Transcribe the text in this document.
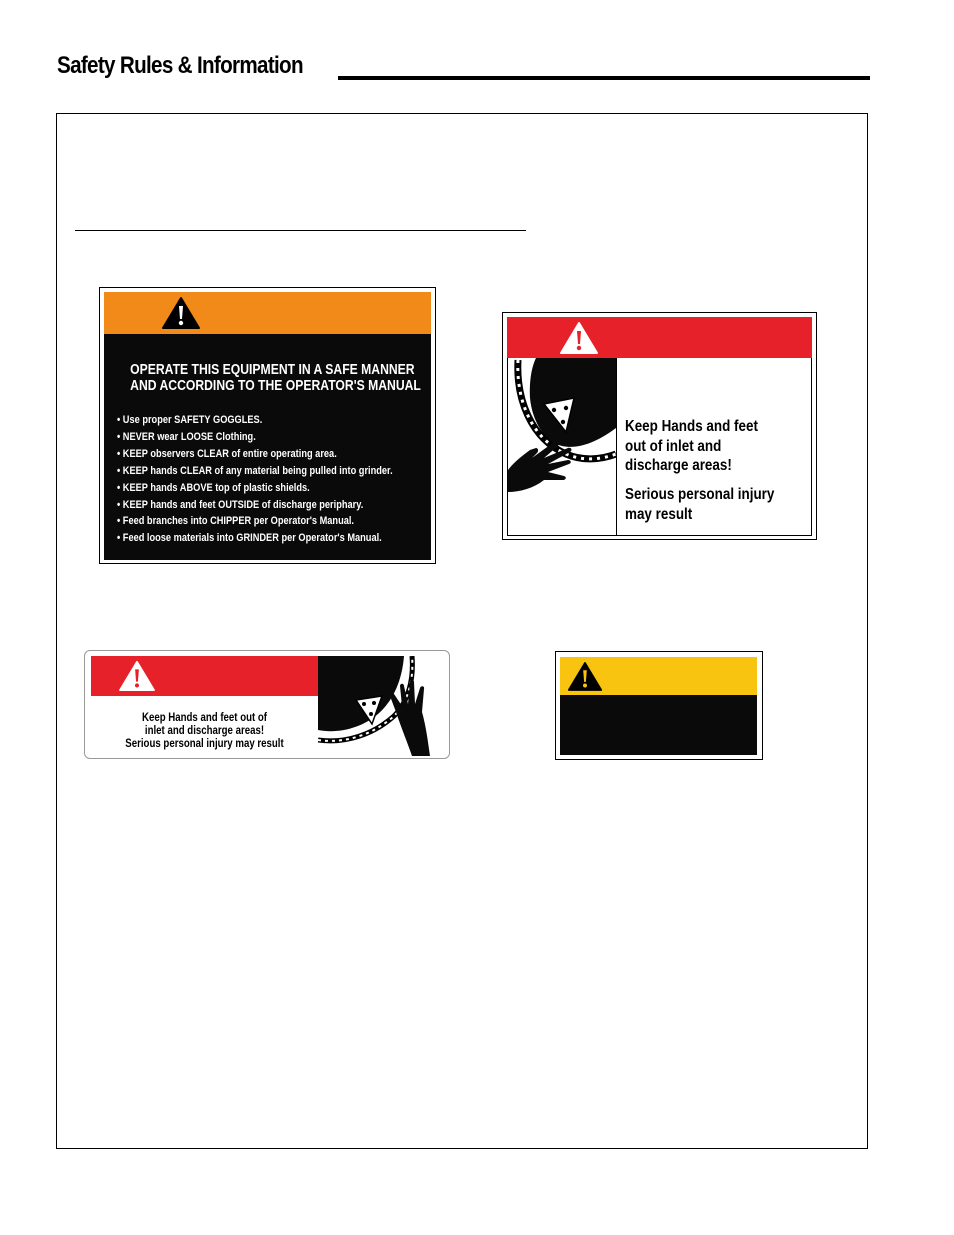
Safety Rules & Information
OPERATE THIS EQUIPMENT IN A SAFE MANNER
AND ACCORDING TO THE OPERATOR'S MANUAL
• Use proper SAFETY GOGGLES.
• NEVER wear LOOSE Clothing.
• KEEP observers CLEAR of entire operating area.
• KEEP hands CLEAR of any material being pulled into grinder.
• KEEP hands ABOVE top of plastic shields.
• KEEP hands and feet OUTSIDE of discharge periphary.
• Feed branches into CHIPPER per Operator's Manual.
• Feed loose materials into GRINDER per Operator's Manual.
Keep Hands and feet
out of inlet and
discharge areas!
Serious personal injury
may result
Keep Hands and feet out of
inlet and discharge areas!
Serious personal injury may result
